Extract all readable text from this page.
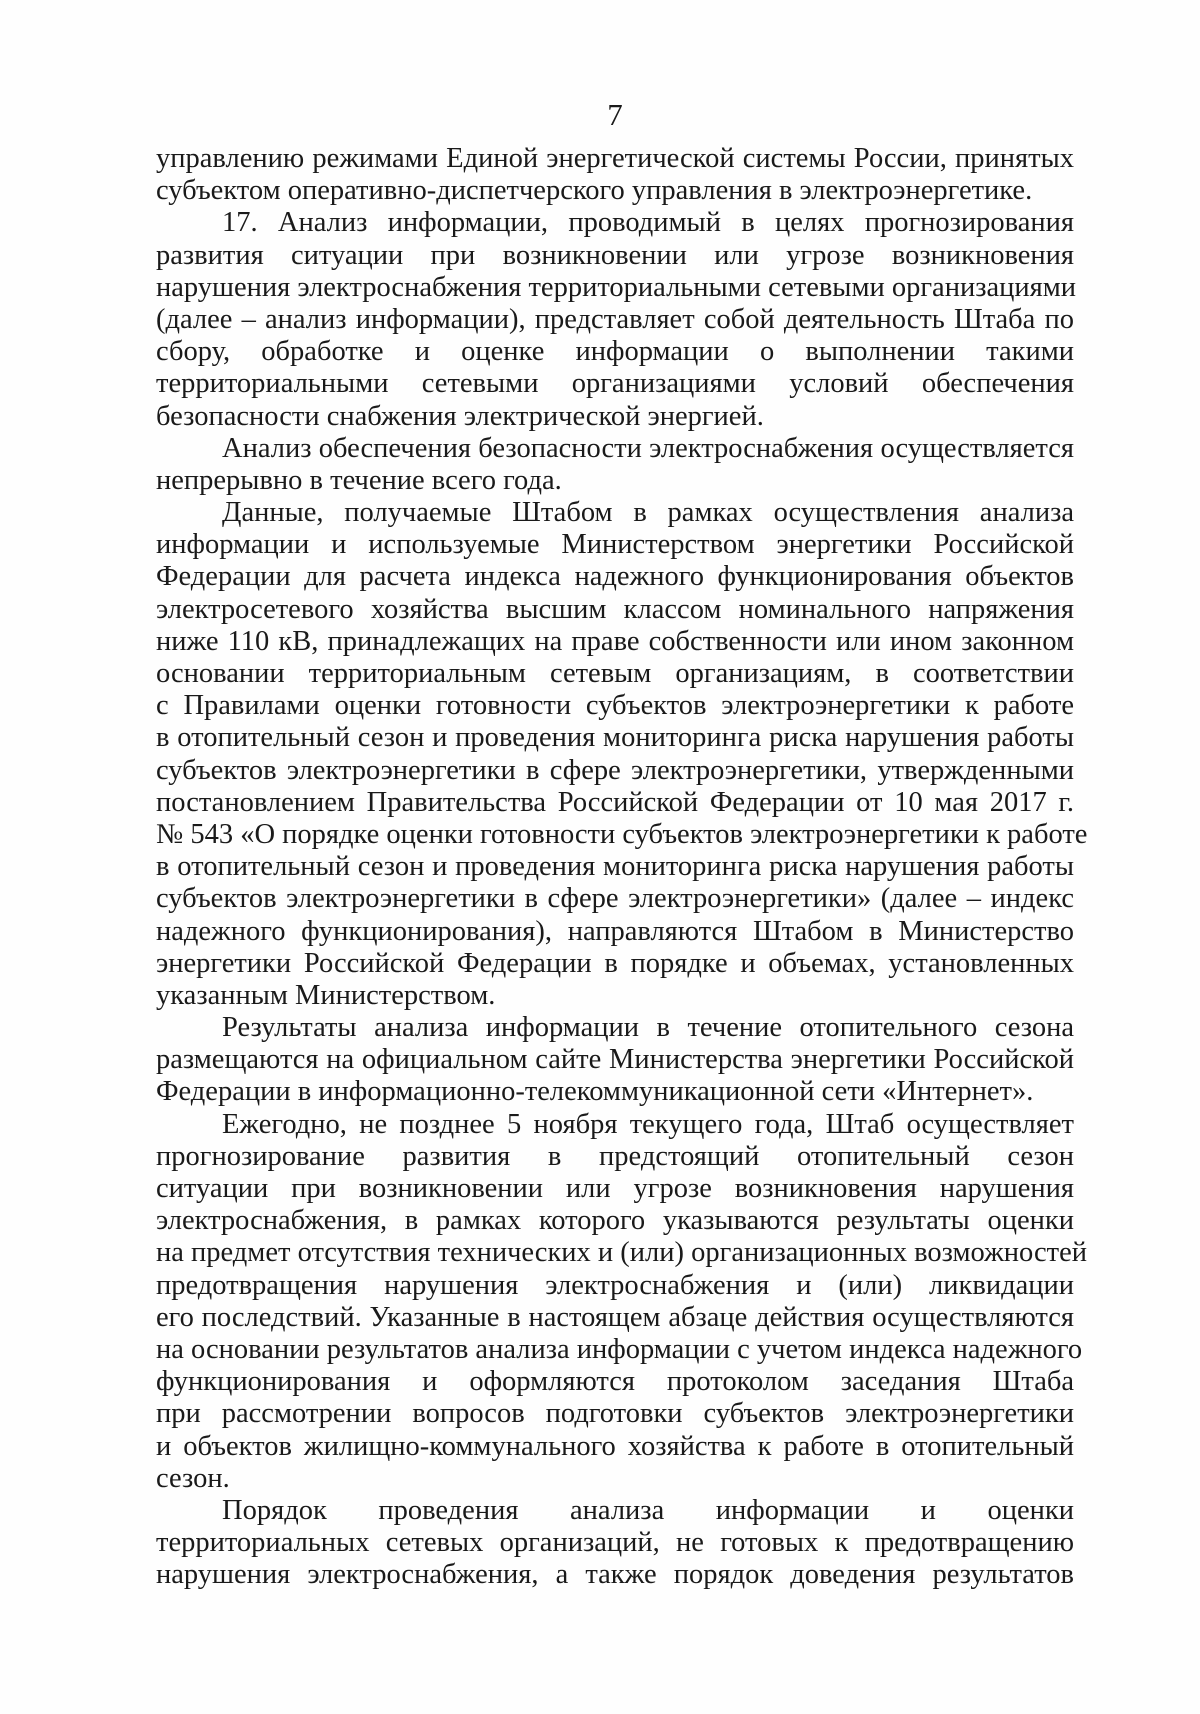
7
управлению режимами Единой энергетической системы России, принятых
субъектом оперативно-диспетчерского управления в электроэнергетике.
17. Анализ информации, проводимый в целях прогнозирования
развития ситуации при возникновении или угрозе возникновения
нарушения электроснабжения территориальными сетевыми организациями
(далее – анализ информации), представляет собой деятельность Штаба по
сбору, обработке и оценке информации о выполнении такими
территориальными сетевыми организациями условий обеспечения
безопасности снабжения электрической энергией.
Анализ обеспечения безопасности электроснабжения осуществляется
непрерывно в течение всего года.
Данные, получаемые Штабом в рамках осуществления анализа
информации и используемые Министерством энергетики Российской
Федерации для расчета индекса надежного функционирования объектов
электросетевого хозяйства высшим классом номинального напряжения
ниже 110 кВ, принадлежащих на праве собственности или ином законном
основании территориальным сетевым организациям, в соответствии
с Правилами оценки готовности субъектов электроэнергетики к работе
в отопительный сезон и проведения мониторинга риска нарушения работы
субъектов электроэнергетики в сфере электроэнергетики, утвержденными
постановлением Правительства Российской Федерации от 10 мая 2017 г.
№ 543 «О порядке оценки готовности субъектов электроэнергетики к работе
в отопительный сезон и проведения мониторинга риска нарушения работы
субъектов электроэнергетики в сфере электроэнергетики» (далее – индекс
надежного функционирования), направляются Штабом в Министерство
энергетики Российской Федерации в порядке и объемах, установленных
указанным Министерством.
Результаты анализа информации в течение отопительного сезона
размещаются на официальном сайте Министерства энергетики Российской
Федерации в информационно-телекоммуникационной сети «Интернет».
Ежегодно, не позднее 5 ноября текущего года, Штаб осуществляет
прогнозирование развития в предстоящий отопительный сезон
ситуации при возникновении или угрозе возникновения нарушения
электроснабжения, в рамках которого указываются результаты оценки
на предмет отсутствия технических и (или) организационных возможностей
предотвращения нарушения электроснабжения и (или) ликвидации
его последствий. Указанные в настоящем абзаце действия осуществляются
на основании результатов анализа информации с учетом индекса надежного
функционирования и оформляются протоколом заседания Штаба
при рассмотрении вопросов подготовки субъектов электроэнергетики
и объектов жилищно-коммунального хозяйства к работе в отопительный
сезон.
Порядок проведения анализа информации и оценки
территориальных сетевых организаций, не готовых к предотвращению
нарушения электроснабжения, а также порядок доведения результатов
